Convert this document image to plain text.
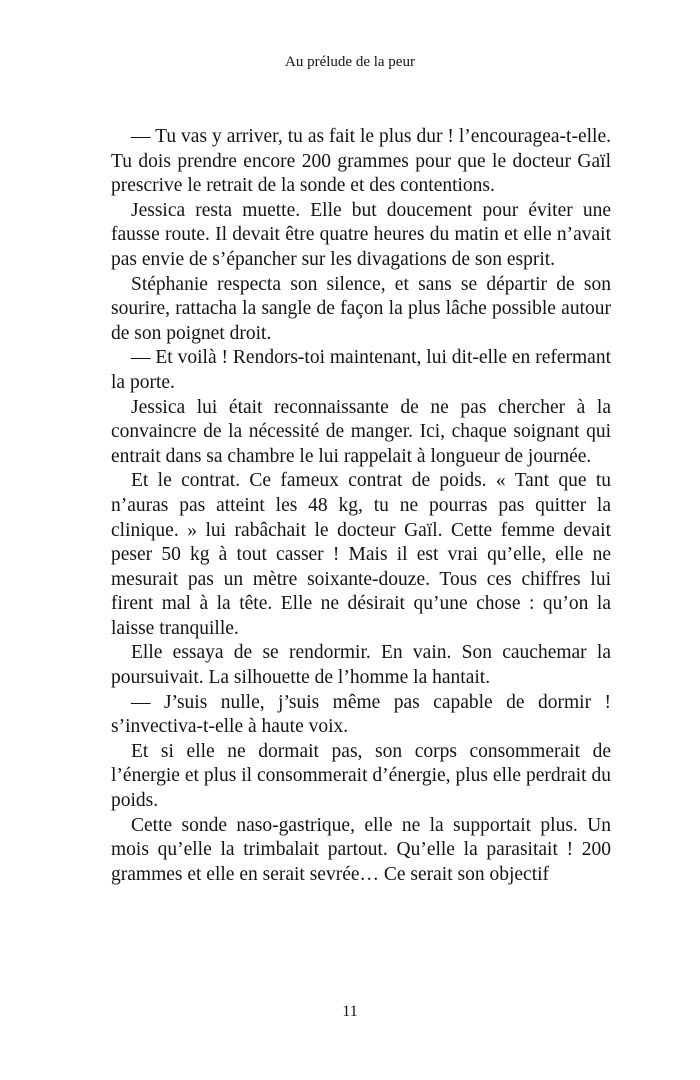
Au prélude de la peur

— Tu vas y arriver, tu as fait le plus dur ! l’encouragea-t-elle. Tu dois prendre encore 200 grammes pour que le docteur Gaïl prescrive le retrait de la sonde et des contentions.

Jessica resta muette. Elle but doucement pour éviter une fausse route. Il devait être quatre heures du matin et elle n’avait pas envie de s’épancher sur les divagations de son esprit.

Stéphanie respecta son silence, et sans se départir de son sourire, rattacha la sangle de façon la plus lâche possible autour de son poignet droit.

— Et voilà ! Rendors-toi maintenant, lui dit-elle en refermant la porte.

Jessica lui était reconnaissante de ne pas chercher à la convaincre de la nécessité de manger. Ici, chaque soignant qui entrait dans sa chambre le lui rappelait à longueur de journée.

Et le contrat. Ce fameux contrat de poids. « Tant que tu n’auras pas atteint les 48 kg, tu ne pourras pas quitter la clinique. » lui rabâchait le docteur Gaïl. Cette femme devait peser 50 kg à tout casser ! Mais il est vrai qu’elle, elle ne mesurait pas un mètre soixante-douze. Tous ces chiffres lui firent mal à la tête. Elle ne désirait qu’une chose : qu’on la laisse tranquille.

Elle essaya de se rendormir. En vain. Son cauchemar la poursuivait. La silhouette de l’homme la hantait.

— J’suis nulle, j’suis même pas capable de dormir ! s’invectiva-t-elle à haute voix.

Et si elle ne dormait pas, son corps consommerait de l’énergie et plus il consommerait d’énergie, plus elle perdrait du poids.

Cette sonde naso-gastrique, elle ne la supportait plus. Un mois qu’elle la trimbalait partout. Qu’elle la parasitait ! 200 grammes et elle en serait sevrée… Ce serait son objectif

11
